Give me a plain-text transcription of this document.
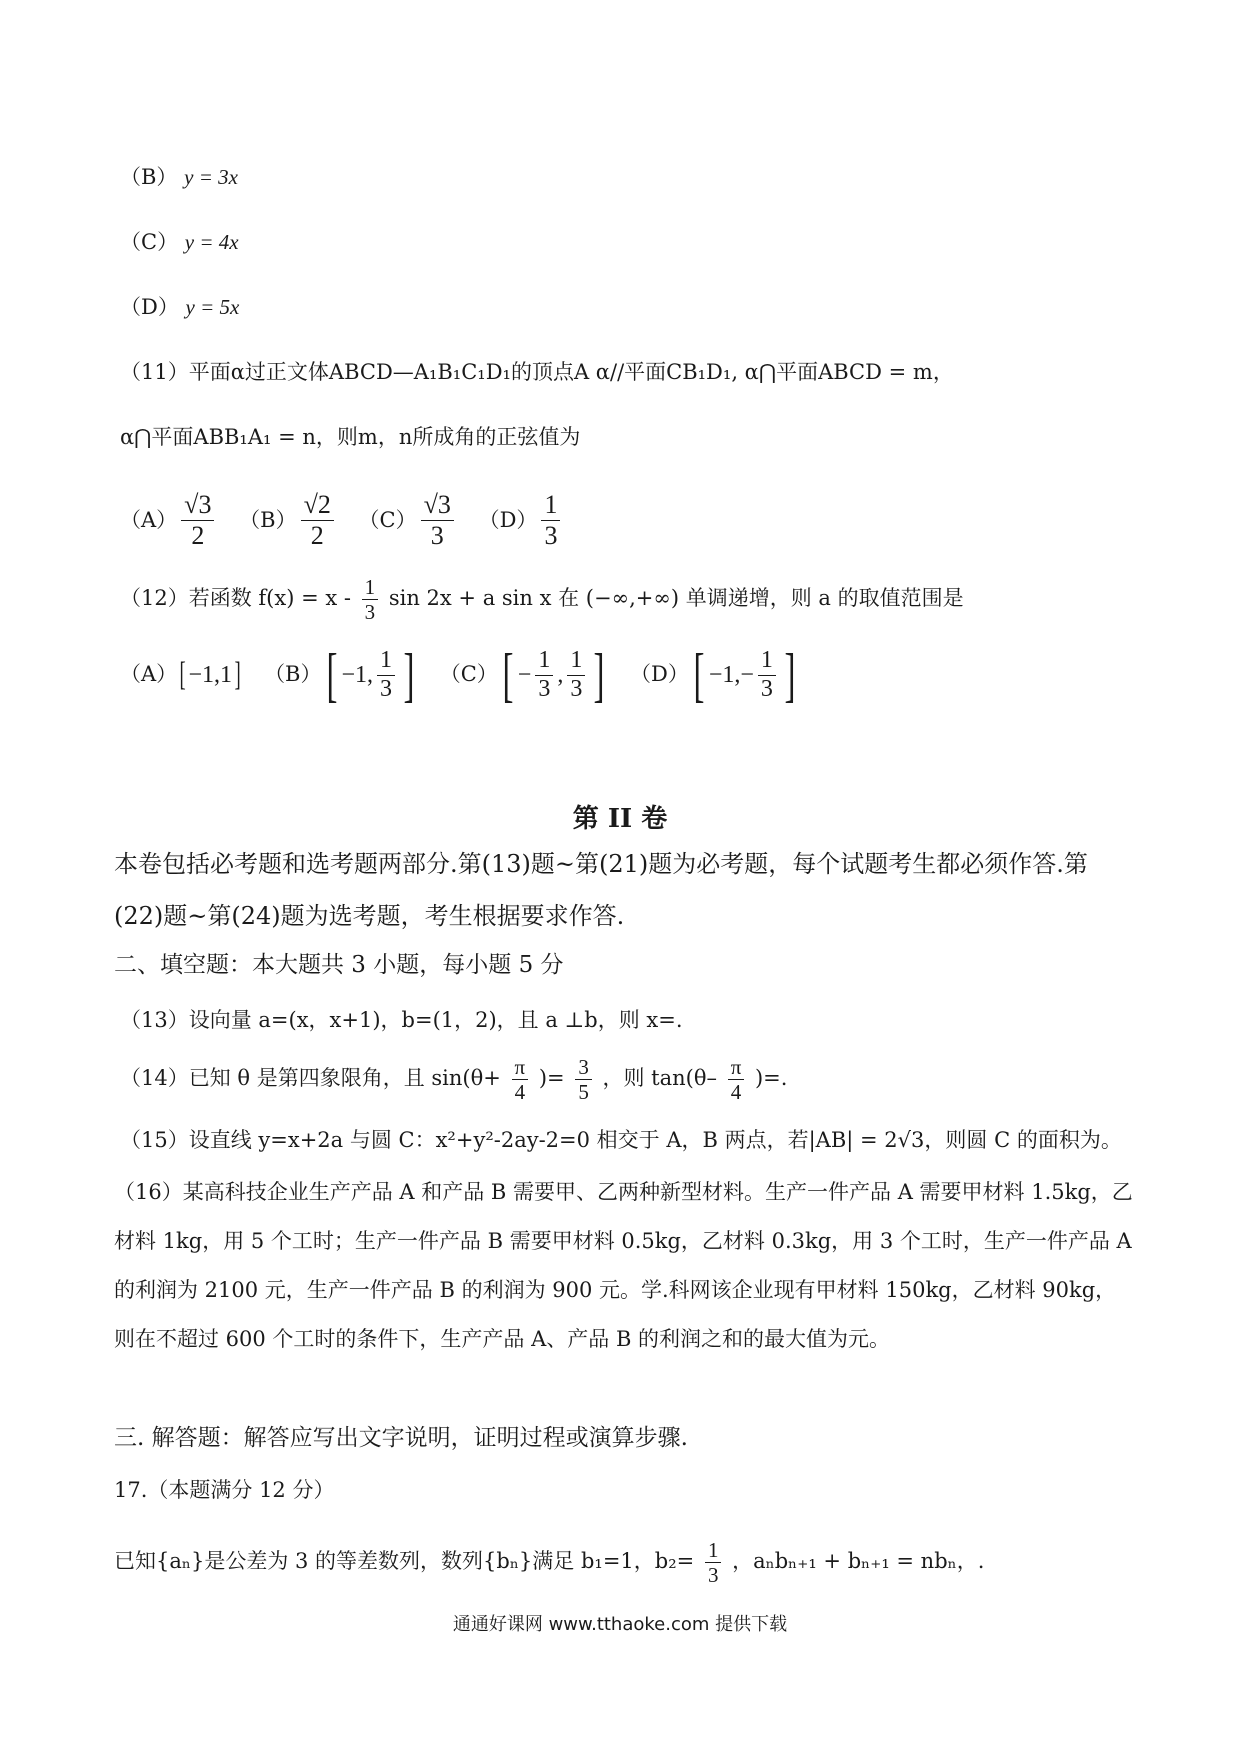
（B） y = 3x
（C） y = 4x
（D） y = 5x
（11）平面α过正文体ABCD—A₁B₁C₁D₁的顶点A α//平面CB₁D₁, α⋂平面ABCD = m，
α⋂平面ABB₁A₁ = n，则m，n所成角的正弦值为
$(A) \frac{√3}{2}$
$(B) \frac{√2}{2}$
$(C) \frac{√3}{3}$
$(D) \frac{1}{3}$
（12）若函数 $f(x) = x - \frac{1}{3}$ sin 2x + a sin x 在 (−∞,+∞) 单调递增，则 a 的取值范围是
（A） [ −1,1 ]
（B） [ −1, $\frac{1}{3}$ ]
（C） [ − $\frac{1}{3}$ , $\frac{1}{3}$ ]
（D） [ $-1,- \frac{1}{3}$ ]
第 II 卷
本卷包括必考题和选考题两部分.第(13)题~第(21)题为必考题，每个试题考生都必须作答.第(22)题~第(24)题为选考题，考生根据要求作答.
二、填空题：本大题共 3 小题，每小题 5 分
（13）设向量 a=(x，x+1)，b=(1，2)，且 a ⊥b，则 x=.
（14）已知 θ 是第四象限角，且 $\sin(\theta+ \frac{\pi}{4}$ )= $\frac{3}{5}$ ，则 $\tan(\theta- \frac{\pi}{4}$ )=.
（15）设直线 y=x+2a 与圆 C：x²+y²-2ay-2=0 相交于 A，B 两点，若|AB| = 2√3，则圆 C 的面积为。
（16）某高科技企业生产产品 A 和产品 B 需要甲、乙两种新型材料。生产一件产品 A 需要甲材料 1.5kg，乙材料 1kg，用 5 个工时；生产一件产品 B 需要甲材料 0.5kg，乙材料 0.3kg，用 3 个工时，生产一件产品 A 的利润为 2100 元，生产一件产品 B 的利润为 900 元。学.科网该企业现有甲材料 150kg，乙材料 90kg，则在不超过 600 个工时的条件下，生产产品 A、产品 B 的利润之和的最大值为元。
三. 解答题：解答应写出文字说明，证明过程或演算步骤.
17.（本题满分 12 分）
已知{aₙ}是公差为 3 的等差数列，数列{bₙ}满足 b₁=1，$b_2= \frac{1}{3}$ ，aₙbₙ₊₁ + bₙ₊₁ = nbₙ，.
通通好课网 www.tthaoke.com 提供下载
